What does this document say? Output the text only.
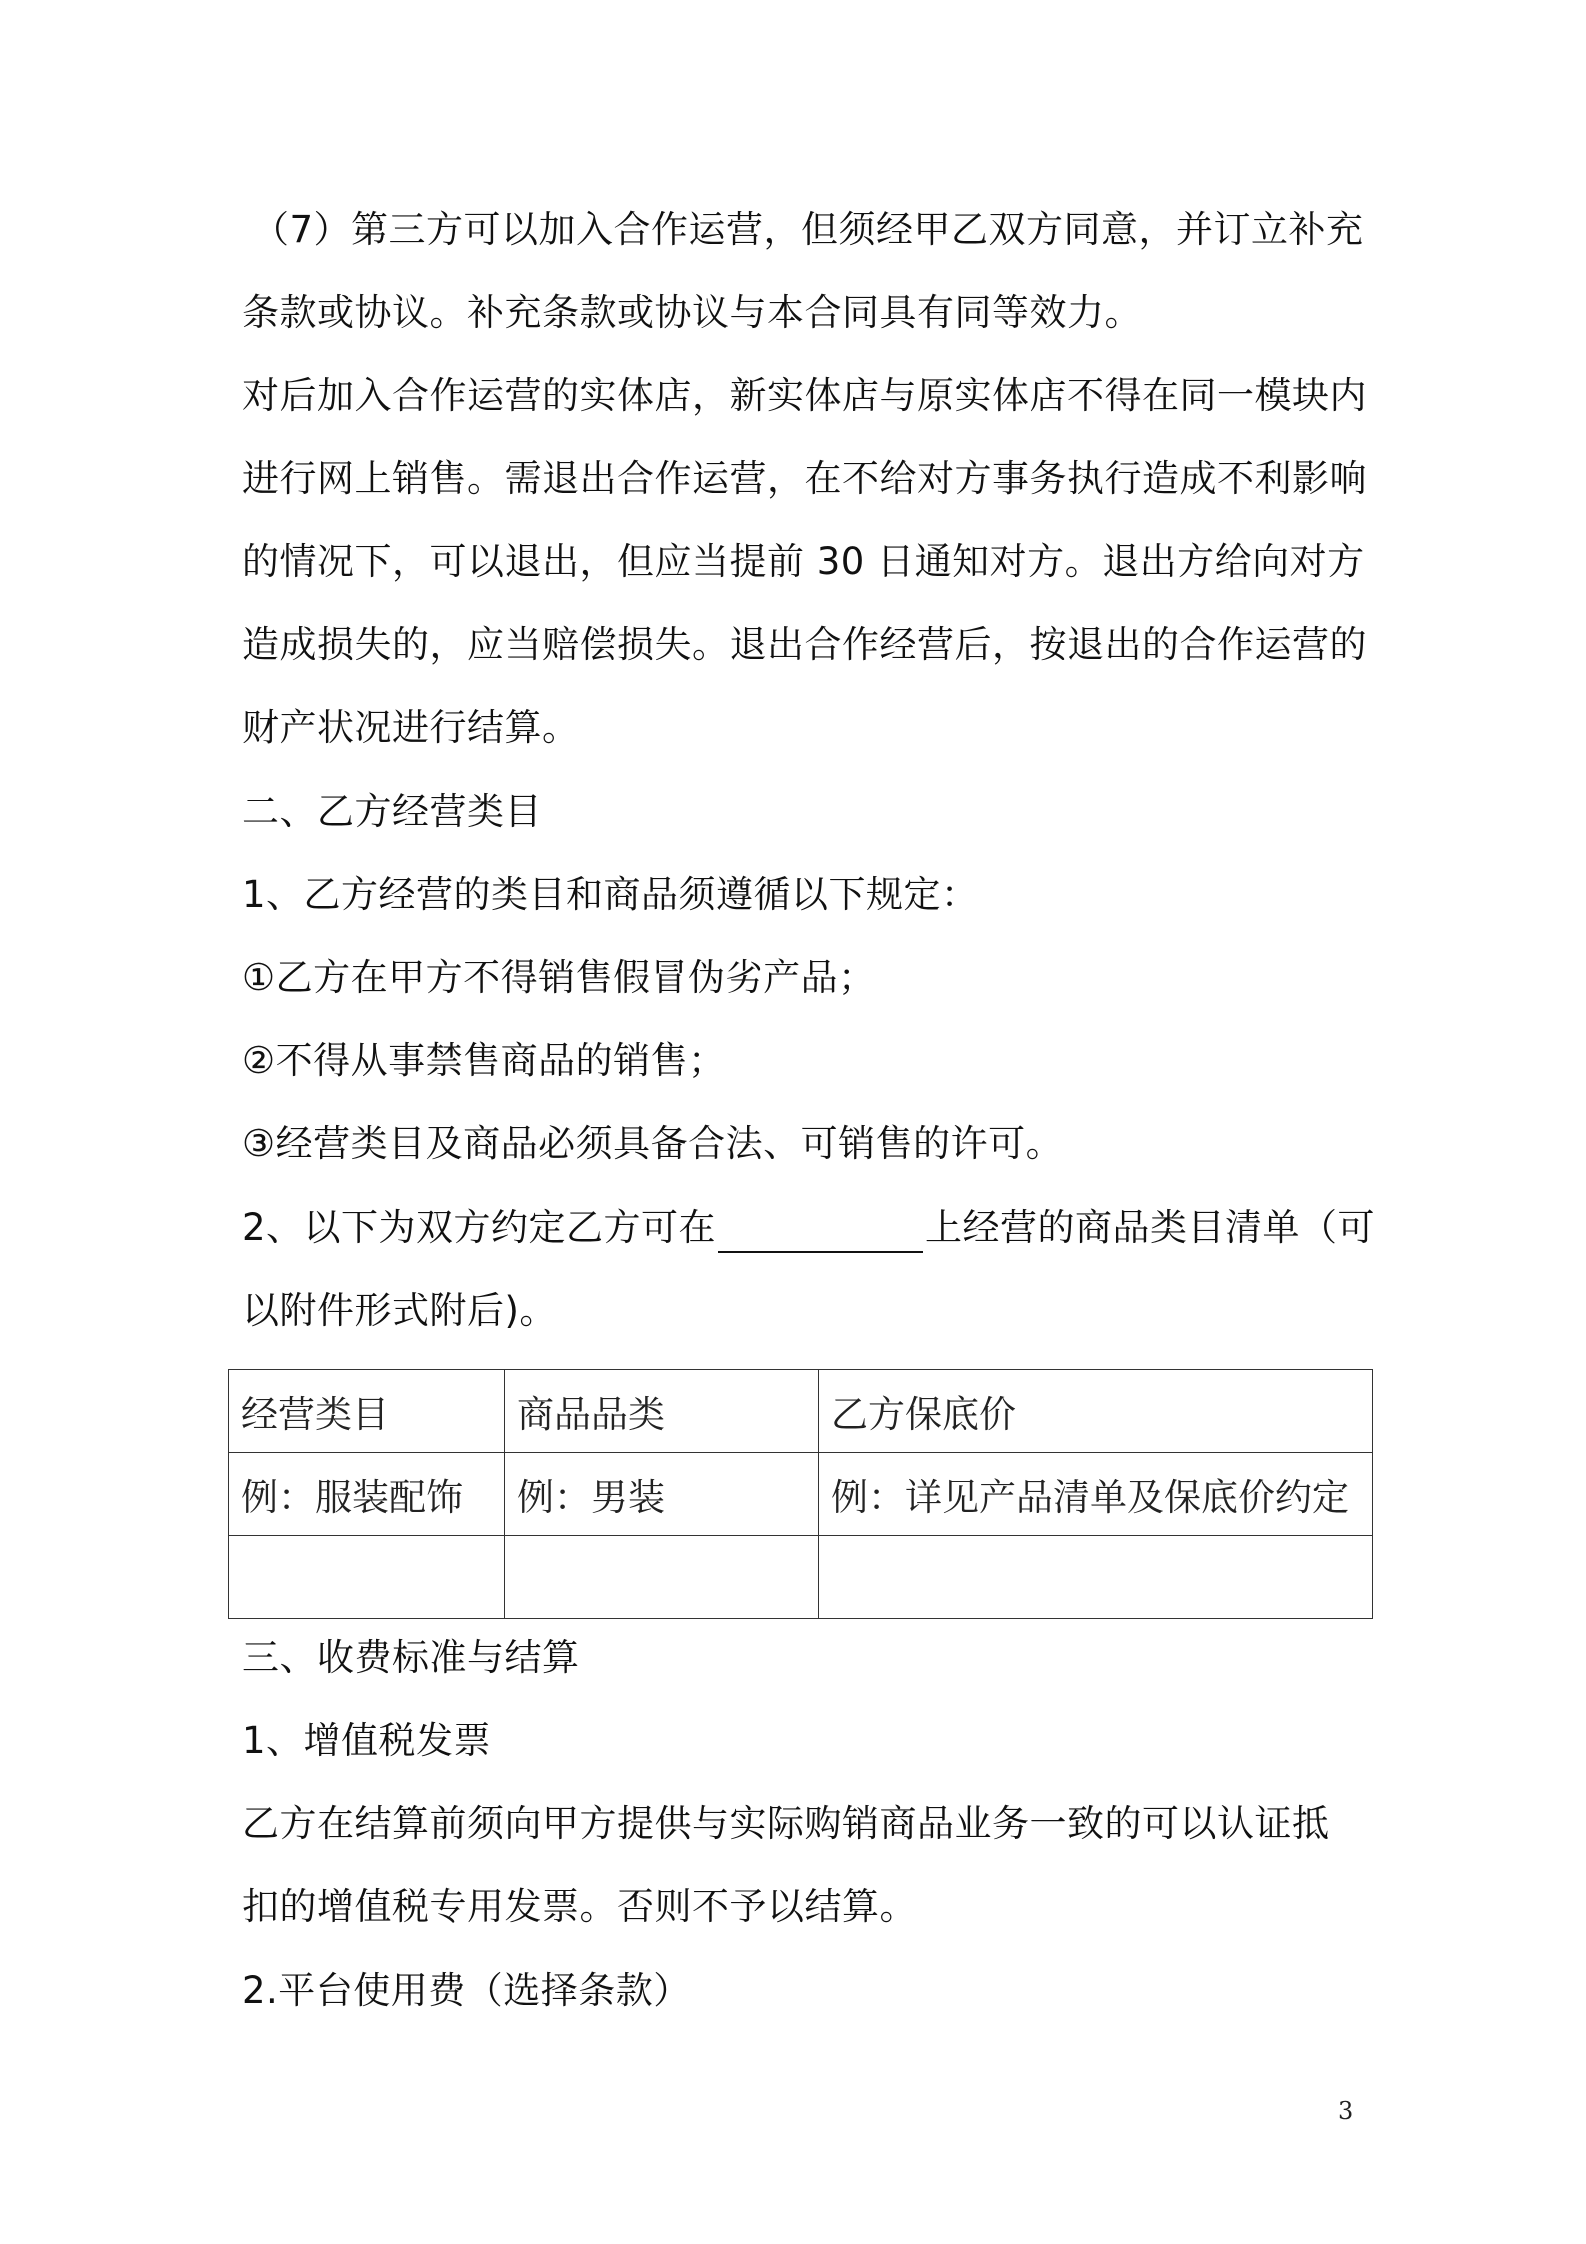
（7）第三方可以加入合作运营，但须经甲乙双方同意，并订立补充
条款或协议。补充条款或协议与本合同具有同等效力。
对后加入合作运营的实体店，新实体店与原实体店不得在同一模块内
进行网上销售。需退出合作运营，在不给对方事务执行造成不利影响
的情况下，可以退出，但应当提前 30 日通知对方。退出方给向对方
造成损失的，应当赔偿损失。退出合作经营后，按退出的合作运营的
财产状况进行结算。
二、乙方经营类目
1、乙方经营的类目和商品须遵循以下规定：
①乙方在甲方不得销售假冒伪劣产品；
②不得从事禁售商品的销售；
③经营类目及商品必须具备合法、可销售的许可。
2、以下为双方约定乙方可在	上经营的商品类目清单（可
以附件形式附后)。
经营类目	商品品类	乙方保底价
例：服装配饰	例：男装	例：详见产品清单及保底价约定

三、收费标准与结算
1、增值税发票
乙方在结算前须向甲方提供与实际购销商品业务一致的可以认证抵
扣的增值税专用发票。否则不予以结算。
2.平台使用费（选择条款）
3
